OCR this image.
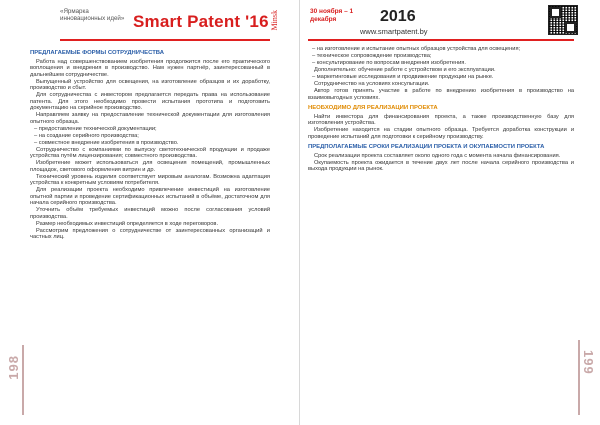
«Ярмарка инновационных идей» Smart Patent '16 Minsk
ПРЕДЛАГАЕМЫЕ ФОРМЫ СОТРУДНИЧЕСТВА
Работа над совершенствованием изобретения продолжится после его практического воплощения и внедрения в производство. Нам нужен партнёр, заинтересованный в дальнейшем сотрудничестве.
Выпущенный устройство для освещения, на изготовление образцов и их доработку, производство и сбыт.
Для сотрудничества с инвестором предлагается передать права на использование патента. Для этого необходимо провести испытания прототипа и подготовить документацию на серийное производство.
Направляем заявку на предоставление технической документации для изготовления опытного образца.
– предоставление технической документации;
– на создание серийного производства;
– совместное внедрение изобретения в производство.
Сотрудничество с компаниями по выпуску светотехнической продукции и продаже устройства путём лицензирования; совместного производства.
Изобретение может использоваться для освещения помещений, промышленных площадок, светового оформления витрин и др.
Технический уровень изделия соответствует мировым аналогам. Возможна адаптация устройства к конкретным условиям потребителя.
Для реализации проекта необходимо привлечение инвестиций на изготовление опытной партии и проведение сертификационных испытаний в объёме, достаточном для начала серийного производства.
Уточнить объём требуемых инвестиций можно после согласования условий производства.
Размер необходимых инвестиций определяется в ходе переговоров.
Рассмотрим предложения о сотрудничестве от заинтересованных организаций и частных лиц.
198
30 ноября – 1 декабря	2016
www.smartpatent.by
– на изготовление и испытание опытных образцов устройства для освещения;
– техническое сопровождение производства;
– консультирование по вопросам внедрения изобретения.
Дополнительно: обучение работе с устройством и его эксплуатации.
– маркетинговые исследования и продвижение продукции на рынке.
Сотрудничество на условиях консультации.
Автор готов принять участие в работе по внедрению изобретения в производство на взаимовыгодных условиях.
НЕОБХОДИМО ДЛЯ РЕАЛИЗАЦИИ ПРОЕКТА
Найти инвестора для финансирования проекта, а также производственную базу для изготовления устройства.
Изобретение находится на стадии опытного образца. Требуется доработка конструкции и проведение испытаний для подготовки к серийному производству.
ПРЕДПОЛАГАЕМЫЕ СРОКИ РЕАЛИЗАЦИИ ПРОЕКТА И ОКУПАЕМОСТИ ПРОЕКТА
Срок реализации проекта составляет около одного года с момента начала финансирования.
Окупаемость проекта ожидается в течение двух лет после начала серийного производства и выхода продукции на рынок.
199
